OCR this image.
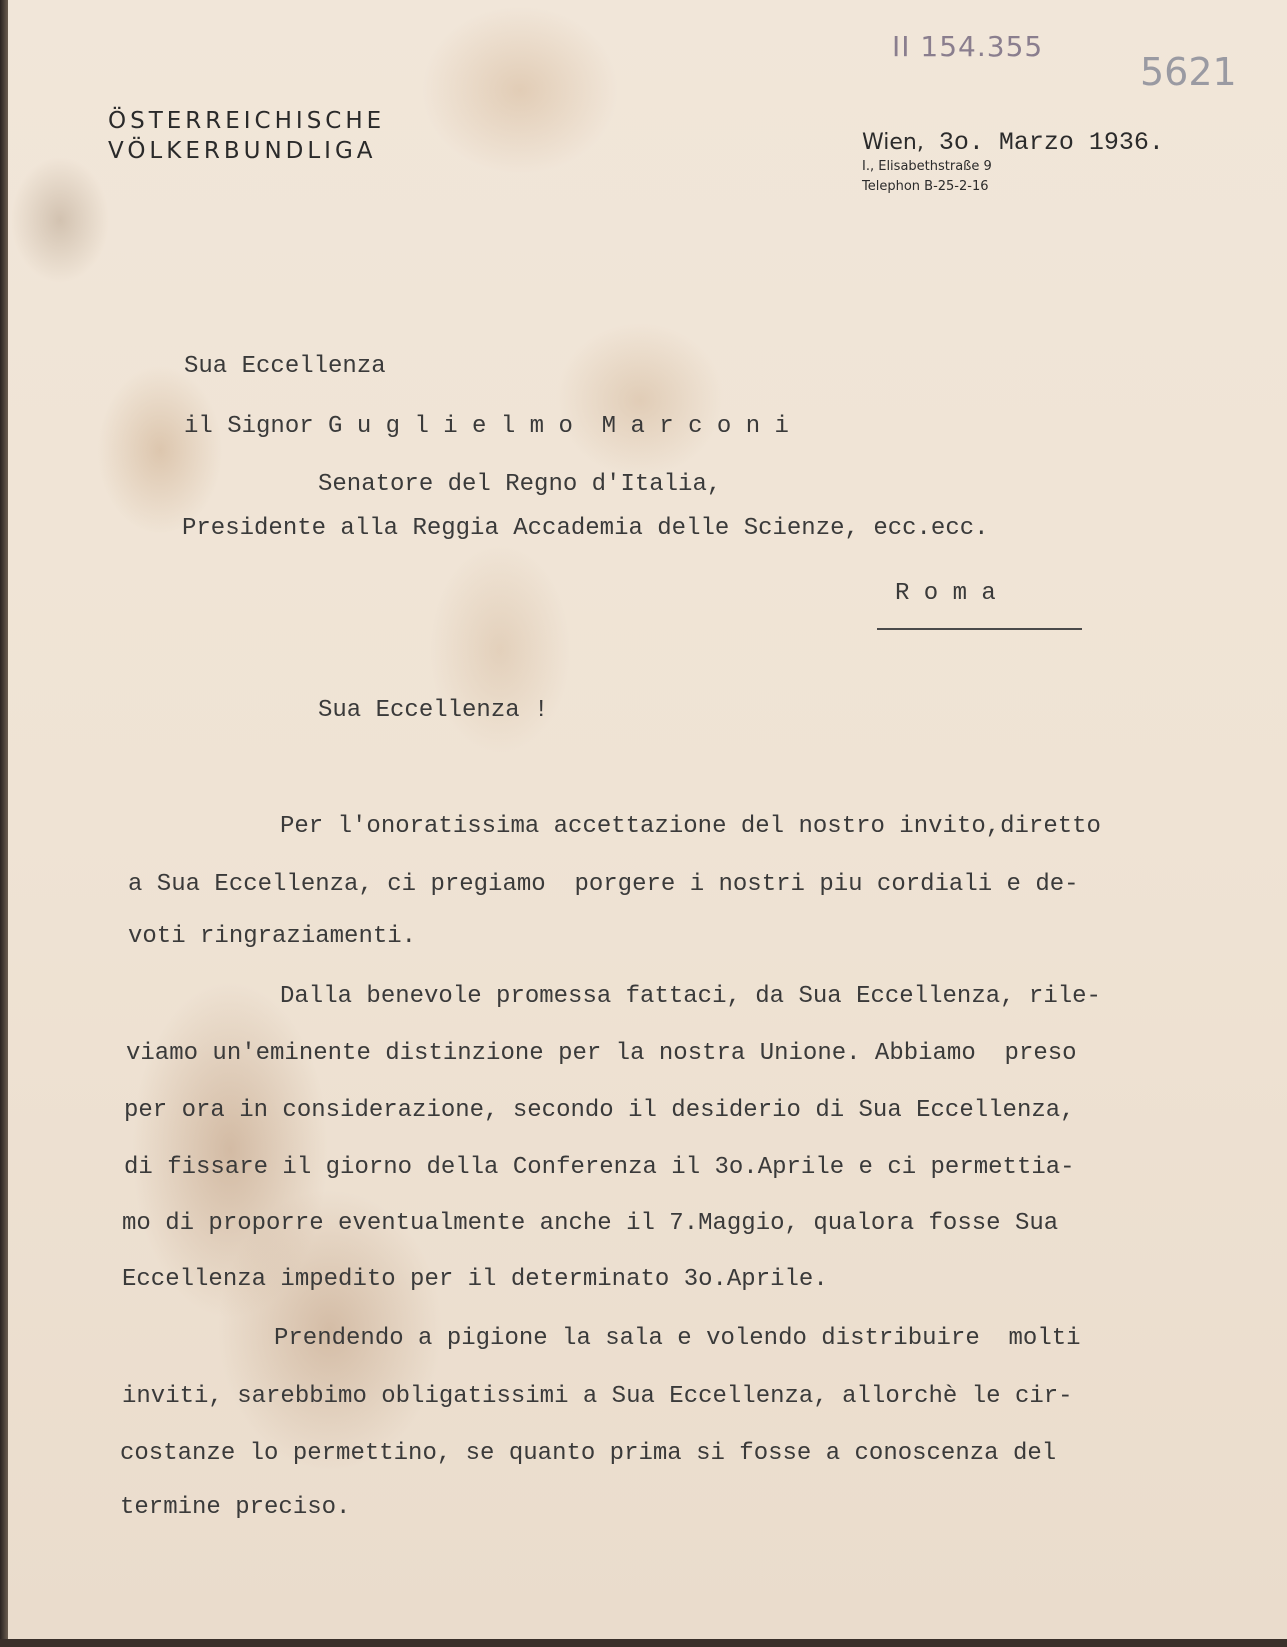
II 154.355
5621
ÖSTERREICHISCHE
VÖLKERBUNDLIGA	Wien, 3o. Marzo 1936.
I., Elisabethstraße 9
Telephon B-25-2-16
Sua Eccellenza
il Signor G u g l i e l m o  M a r c o n i
Senatore del Regno d'Italia,
Presidente alla Reggia Accademia delle Scienze, ecc.ecc.
R o m a
Sua Eccellenza !
Per l'onoratissima accettazione del nostro invito,diretto
a Sua Eccellenza, ci pregiamo  porgere i nostri piu cordiali e de-
voti ringraziamenti.
Dalla benevole promessa fattaci, da Sua Eccellenza, rile-
viamo un'eminente distinzione per la nostra Unione. Abbiamo  preso
per ora in considerazione, secondo il desiderio di Sua Eccellenza,
di fissare il giorno della Conferenza il 3o.Aprile e ci permettia-
mo di proporre eventualmente anche il 7.Maggio, qualora fosse Sua
Eccellenza impedito per il determinato 3o.Aprile.
Prendendo a pigione la sala e volendo distribuire  molti
inviti, sarebbimo obligatissimi a Sua Eccellenza, allorchè le cir-
costanze lo permettino, se quanto prima si fosse a conoscenza del
termine preciso.
